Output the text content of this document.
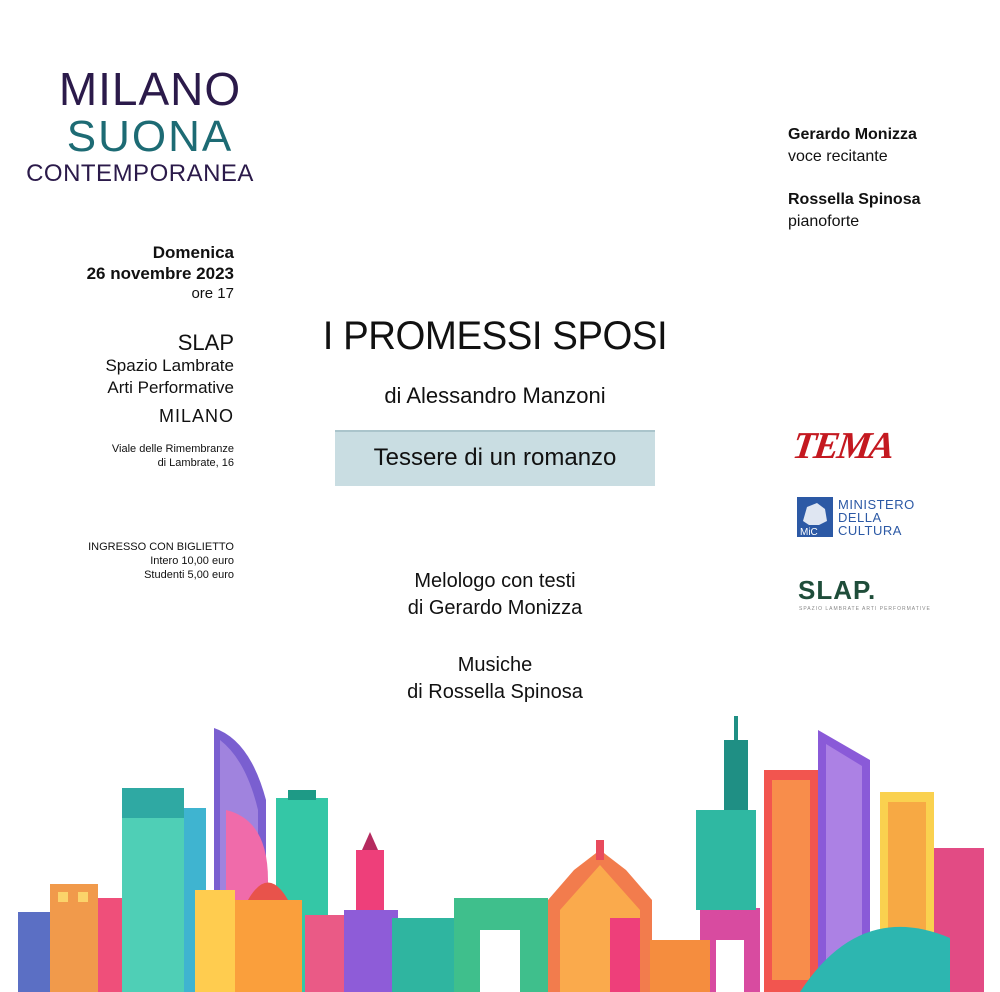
MILANO
SUONA
CONTEMPORANEA
Domenica
26 novembre 2023
ore 17
SLAP
Spazio Lambrate
Arti Performative
MILANO
Viale delle Rimembranze
di Lambrate, 16
INGRESSO CON BIGLIETTO
Intero 10,00 euro
Studenti 5,00 euro
I PROMESSI SPOSI
di Alessandro Manzoni
Tessere di un romanzo
Melologo con testi
di Gerardo Monizza
Musiche
di Rossella Spinosa
Gerardo Monizza
voce recitante
Rossella Spinosa
pianoforte
TEMA
MiC
MINISTERO
DELLA
CULTURA
SLAP.
SPAZIO LAMBRATE ARTI PERFORMATIVE
